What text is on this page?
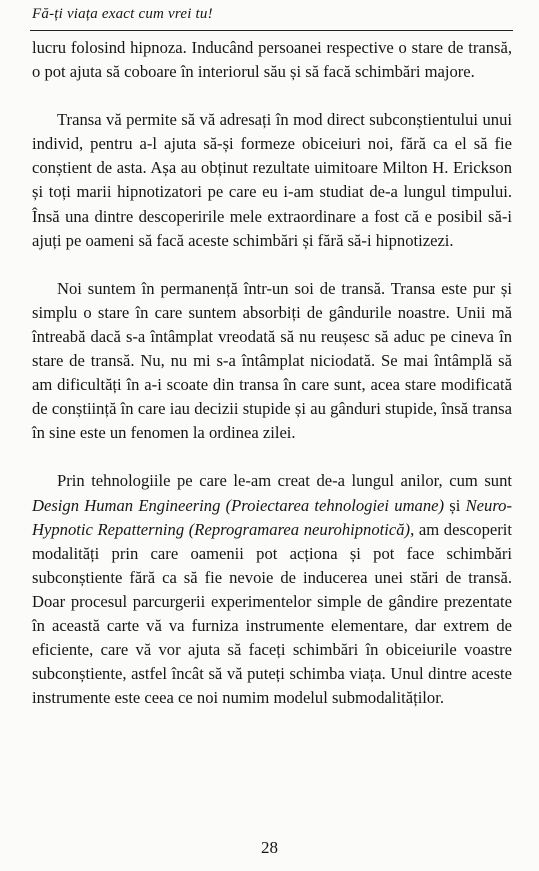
Fă-ți viața exact cum vrei tu!

lucru folosind hipnoza. Inducând persoanei respective o stare de transă, o pot ajuta să coboare în interiorul său și să facă schimbări majore.

Transa vă permite să vă adresați în mod direct subconștientului unui individ, pentru a-l ajuta să-și formeze obiceiuri noi, fără ca el să fie conștient de asta. Așa au obținut rezultate uimitoare Milton H. Erickson și toți marii hipnotizatori pe care eu i-am studiat de-a lungul timpului. Însă una dintre descoperirile mele extraordinare a fost că e posibil să-i ajuți pe oameni să facă aceste schimbări și fără să-i hipnotizezi.

Noi suntem în permanență într-un soi de transă. Transa este pur și simplu o stare în care suntem absorbiți de gândurile noastre. Unii mă întreabă dacă s-a întâmplat vreodată să nu reușesc să aduc pe cineva în stare de transă. Nu, nu mi s-a întâmplat niciodată. Se mai întâmplă să am dificultăți în a-i scoate din transa în care sunt, acea stare modificată de conștiință în care iau decizii stupide și au gânduri stupide, însă transa în sine este un fenomen la ordinea zilei.

Prin tehnologiile pe care le-am creat de-a lungul anilor, cum sunt Design Human Engineering (Proiectarea tehnologiei umane) și Neuro-Hypnotic Repatterning (Reprogramarea neurohipnotică), am descoperit modalități prin care oamenii pot acționa și pot face schimbări subconștiente fără ca să fie nevoie de inducerea unei stări de transă. Doar procesul parcurgerii experimentelor simple de gândire prezentate în această carte vă va furniza instrumente elementare, dar extrem de eficiente, care vă vor ajuta să faceți schimbări în obiceiurile voastre subconștiente, astfel încât să vă puteți schimba viața. Unul dintre aceste instrumente este ceea ce noi numim modelul submodalităților.

28
